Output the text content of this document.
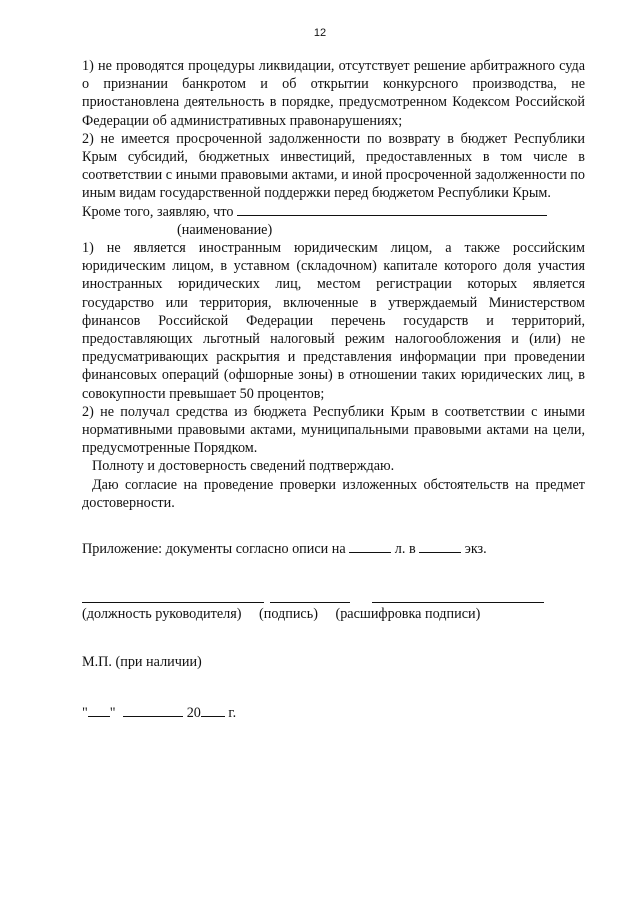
12

1) не проводятся процедуры ликвидации, отсутствует решение арбитражного суда о признании банкротом и об открытии конкурсного производства, не приостановлена деятельность в порядке, предусмотренном Кодексом Российской Федерации об административных правонарушениях;

2) не имеется просроченной задолженности по возврату в бюджет Республики Крым субсидий, бюджетных инвестиций, предоставленных в том числе в соответствии с иными правовыми актами, и иной просроченной задолженности по иным видам государственной поддержки перед бюджетом Республики Крым.

Кроме того, заявляю, что

(наименование)

1) не является иностранным юридическим лицом, а также российским юридическим лицом, в уставном (складочном) капитале которого доля участия иностранных юридических лиц, местом регистрации которых является государство или территория, включенные в утверждаемый Министерством финансов Российской Федерации перечень государств и территорий, предоставляющих льготный налоговый режим налогообложения и (или) не предусматривающих раскрытия и представления информации при проведении финансовых операций (офшорные зоны) в отношении таких юридических лиц, в совокупности превышает 50 процентов;

2) не получал средства из бюджета Республики Крым в соответствии с иными нормативными правовыми актами, муниципальными правовыми актами на цели, предусмотренные Порядком.

Полноту и достоверность сведений подтверждаю.

Даю согласие на проведение проверки изложенных обстоятельств на предмет достоверности.

Приложение: документы согласно описи на	л. в	экз.
(должность руководителя) (подпись) (расшифровка подписи)
М.П. (при наличии)
" "	20 г.
